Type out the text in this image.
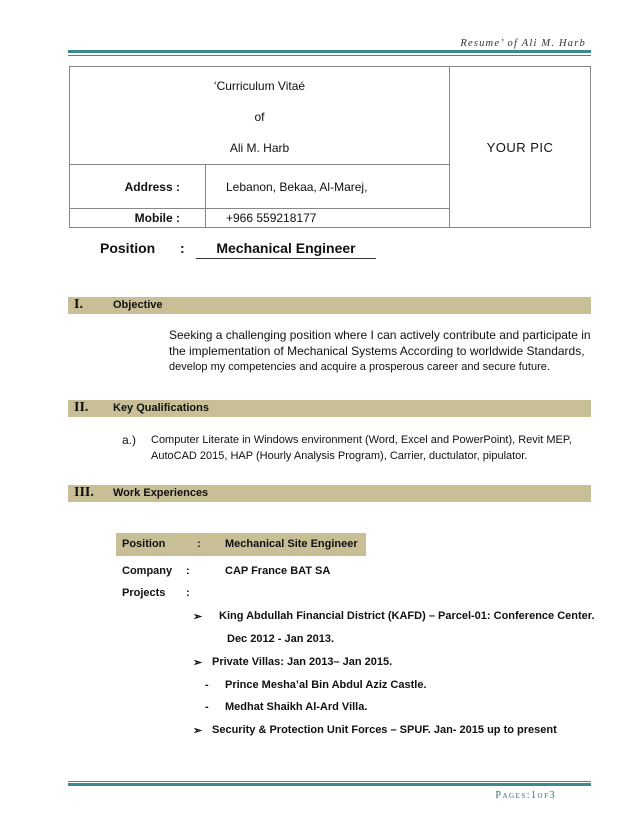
Resume’ of Ali M. Harb
‘Curriculum Vitaé
of
Ali M. Harb		YOUR PIC
Address :	Lebanon, Bekaa, Al-Marej,	
Mobile :	+966 559218177	
Position :	Mechanical Engineer
I.	Objective
Seeking a challenging position where I can actively contribute and participate in
the implementation of Mechanical Systems According to worldwide Standards,
develop my competencies and acquire a prosperous career and secure future.
II. Key Qualifications
a.) Computer Literate in Windows environment (Word, Excel and PowerPoint), Revit MEP,
AutoCAD 2015, HAP (Hourly Analysis Program), Carrier, ductulator, pipulator.
III. Work Experiences
Position	: Mechanical Site Engineer
Company :	CAP France BAT SA
Projects :
➢ King Abdullah Financial District (KAFD) – Parcel-01: Conference Center.
Dec 2012 - Jan 2013.
➢ Private Villas: Jan 2013– Jan 2015.
- Prince Mesha’al Bin Abdul Aziz Castle.
- Medhat Shaikh Al-Ard Villa.
➢ Security & Protection Unit Forces – SPUF. Jan- 2015 up to present
Pages:1of3
